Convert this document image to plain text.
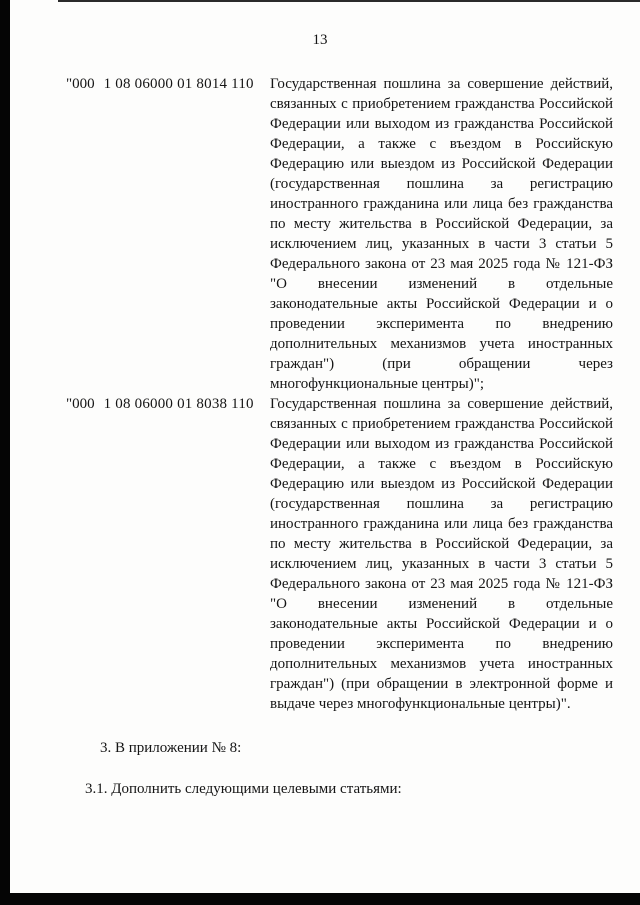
13
"000 1 08 06000 01 8014 110 Государственная пошлина за совершение действий, связанных с приобретением гражданства Российской Федерации или выходом из гражданства Российской Федерации, а также с въездом в Российскую Федерацию или выездом из Российской Федерации (государственная пошлина за регистрацию иностранного гражданина или лица без гражданства по месту жительства в Российской Федерации, за исключением лиц, указанных в части 3 статьи 5 Федерального закона от 23 мая 2025 года № 121-ФЗ "О внесении изменений в отдельные законодательные акты Российской Федерации и о проведении эксперимента по внедрению дополнительных механизмов учета иностранных граждан") (при обращении через многофункциональные центры)";
"000 1 08 06000 01 8038 110 Государственная пошлина за совершение действий, связанных с приобретением гражданства Российской Федерации или выходом из гражданства Российской Федерации, а также с въездом в Российскую Федерацию или выездом из Российской Федерации (государственная пошлина за регистрацию иностранного гражданина или лица без гражданства по месту жительства в Российской Федерации, за исключением лиц, указанных в части 3 статьи 5 Федерального закона от 23 мая 2025 года № 121-ФЗ "О внесении изменений в отдельные законодательные акты Российской Федерации и о проведении эксперимента по внедрению дополнительных механизмов учета иностранных граждан") (при обращении в электронной форме и выдаче через многофункциональные центры)".

3. В приложении № 8:

3.1. Дополнить следующими целевыми статьями:
